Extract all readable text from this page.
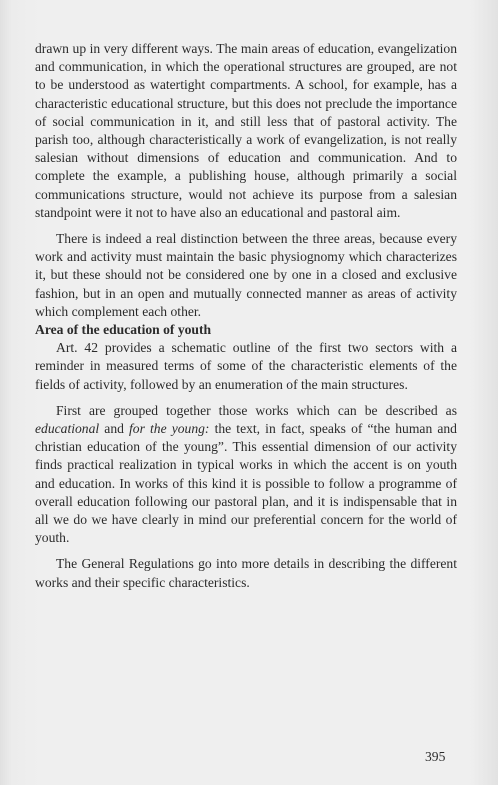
drawn up in very different ways. The main areas of education, evangelization and communication, in which the operational structures are grouped, are not to be understood as watertight compartments. A school, for example, has a characteristic educational structure, but this does not preclude the importance of social communication in it, and still less that of pastoral activity. The parish too, although characteristically a work of evangelization, is not really salesian without dimensions of education and communication. And to complete the example, a publishing house, although primarily a social communications structure, would not achieve its purpose from a salesian standpoint were it not to have also an educational and pastoral aim.

There is indeed a real distinction between the three areas, because every work and activity must maintain the basic physiognomy which characterizes it, but these should not be considered one by one in a closed and exclusive fashion, but in an open and mutually connected manner as areas of activity which complement each other.

Area of the education of youth

Art. 42 provides a schematic outline of the first two sectors with a reminder in measured terms of some of the characteristic elements of the fields of activity, followed by an enumeration of the main structures.

First are grouped together those works which can be described as educational and for the young: the text, in fact, speaks of “the human and christian education of the young”. This essential dimension of our activity finds practical realization in typical works in which the accent is on youth and education. In works of this kind it is possible to follow a programme of overall education following our pastoral plan, and it is indispensable that in all we do we have clearly in mind our preferential concern for the world of youth.

The General Regulations go into more details in describing the different works and their specific characteristics.

395
